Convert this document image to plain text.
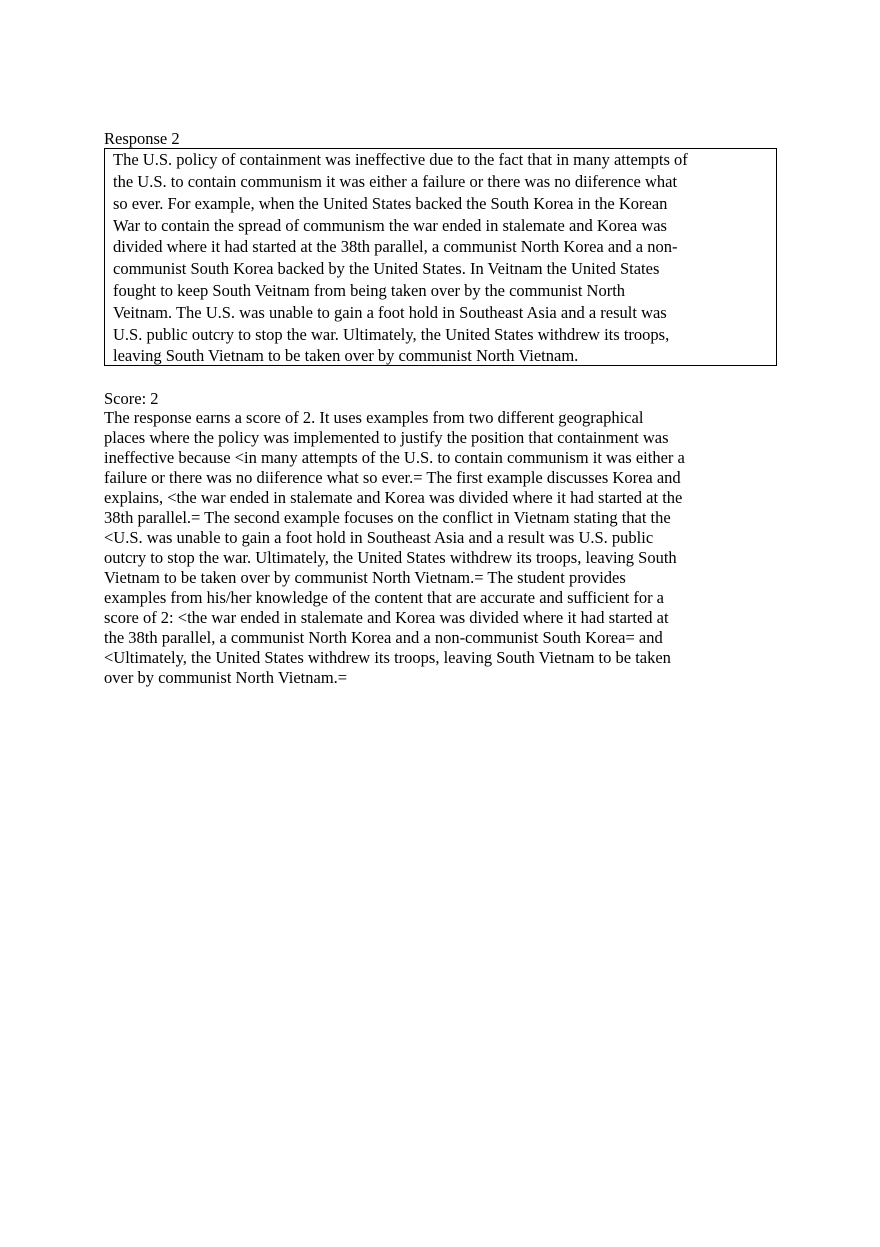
Response 2
The U.S. policy of containment was ineffective due to the fact that in many attempts of
the U.S. to contain communism it was either a failure or there was no diiference what
so ever. For example, when the United States backed the South Korea in the Korean
War to contain the spread of communism the war ended in stalemate and Korea was
divided where it had started at the 38th parallel, a communist North Korea and a non-
communist South Korea backed by the United States. In Veitnam the United States
fought to keep South Veitnam from being taken over by the communist North
Veitnam. The U.S. was unable to gain a foot hold in Southeast Asia and a result was
U.S. public outcry to stop the war. Ultimately, the United States withdrew its troops,
leaving South Vietnam to be taken over by communist North Vietnam.
Score: 2
The response earns a score of 2. It uses examples from two different geographical
places where the policy was implemented to justify the position that containment was
ineffective because <in many attempts of the U.S. to contain communism it was either a
failure or there was no diiference what so ever.= The first example discusses Korea and
explains, <the war ended in stalemate and Korea was divided where it had started at the
38th parallel.= The second example focuses on the conflict in Vietnam stating that the
<U.S. was unable to gain a foot hold in Southeast Asia and a result was U.S. public
outcry to stop the war. Ultimately, the United States withdrew its troops, leaving South
Vietnam to be taken over by communist North Vietnam.= The student provides
examples from his/her knowledge of the content that are accurate and sufficient for a
score of 2: <the war ended in stalemate and Korea was divided where it had started at
the 38th parallel, a communist North Korea and a non-communist South Korea= and
<Ultimately, the United States withdrew its troops, leaving South Vietnam to be taken
over by communist North Vietnam.=
